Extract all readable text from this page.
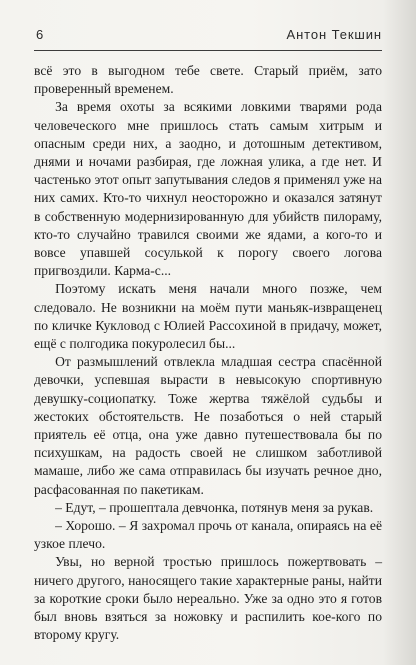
6	Антон Текшин

всё это в выгодном тебе свете. Старый приём, зато проверенный временем.

За время охоты за всякими ловкими тварями рода человеческого мне пришлось стать самым хитрым и опасным среди них, а заодно, и дотошным детективом, днями и ночами разбирая, где ложная улика, а где нет. И частенько этот опыт запутывания следов я применял уже на них самих. Кто-то чихнул неосторожно и оказался затянут в собственную модернизированную для убийств пилораму, кто-то случайно травился своими же ядами, а кого-то и вовсе упавшей сосулькой к порогу своего логова пригвоздили. Карма-с...

Поэтому искать меня начали много позже, чем следовало. Не возникни на моём пути маньяк-извращенец по кличке Кукловод с Юлией Рассохиной в придачу, может, ещё с полгодика покуролесил бы...

От размышлений отвлекла младшая сестра спасённой девочки, успевшая вырасти в невысокую спортивную девушку-социопатку. Тоже жертва тяжёлой судьбы и жестоких обстоятельств. Не позаботься о ней старый приятель её отца, она уже давно путешествовала бы по психушкам, на радость своей не слишком заботливой мамаше, либо же сама отправилась бы изучать речное дно, расфасованная по пакетикам.

– Едут, – прошептала девчонка, потянув меня за рукав.

– Хорошо. – Я захромал прочь от канала, опираясь на её узкое плечо.

Увы, но верной тростью пришлось пожертвовать – ничего другого, наносящего такие характерные раны, найти за короткие сроки было нереально. Уже за одно это я готов был вновь взяться за ножовку и распилить кое-кого по второму кругу.
